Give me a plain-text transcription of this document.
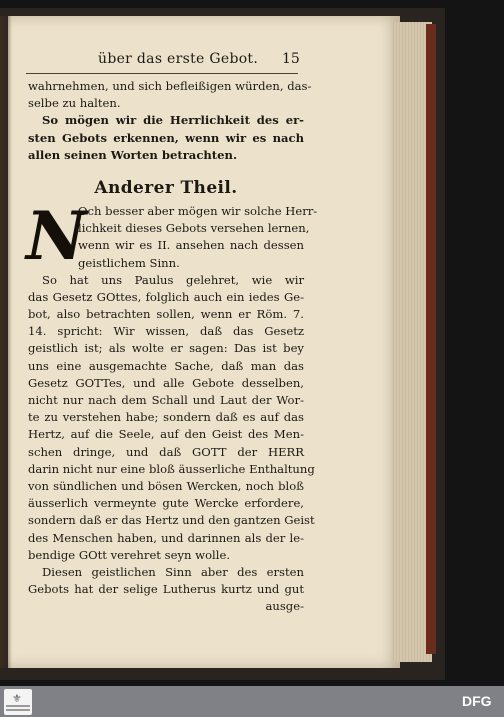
über das erste Gebot. 15
wahrnehmen, und sich befleißigen würden, das-
selbe zu halten.
So mögen wir die Herrlichkeit des er-
sten Gebots erkennen, wenn wir es nach
allen seinen Worten betrachten.
Anderer Theil.
N
Och besser aber mögen wir solche Herr-
lichkeit dieses Gebots versehen lernen,
wenn wir es II. ansehen nach dessen
geistlichem Sinn.
So hat uns Paulus gelehret, wie wir
das Gesetz GOttes, folglich auch ein iedes Ge-
bot, also betrachten sollen, wenn er Röm. 7.
14. spricht: Wir wissen, daß das Gesetz
geistlich ist; als wolte er sagen: Das ist bey
uns eine ausgemachte Sache, daß man das
Gesetz GOTTes, und alle Gebote desselben,
nicht nur nach dem Schall und Laut der Wor-
te zu verstehen habe; sondern daß es auf das
Hertz, auf die Seele, auf den Geist des Men-
schen dringe, und daß GOTT der HERR
darin nicht nur eine bloß äusserliche Enthaltung
von sündlichen und bösen Wercken, noch bloß
äusserlich vermeynte gute Wercke erfordere,
sondern daß er das Hertz und den gantzen Geist
des Menschen haben, und darinnen als der le-
bendige GOtt verehret seyn wolle.
Diesen geistlichen Sinn aber des ersten
Gebots hat der selige Lutherus kurtz und gut
ausge-
⚜	DFG
